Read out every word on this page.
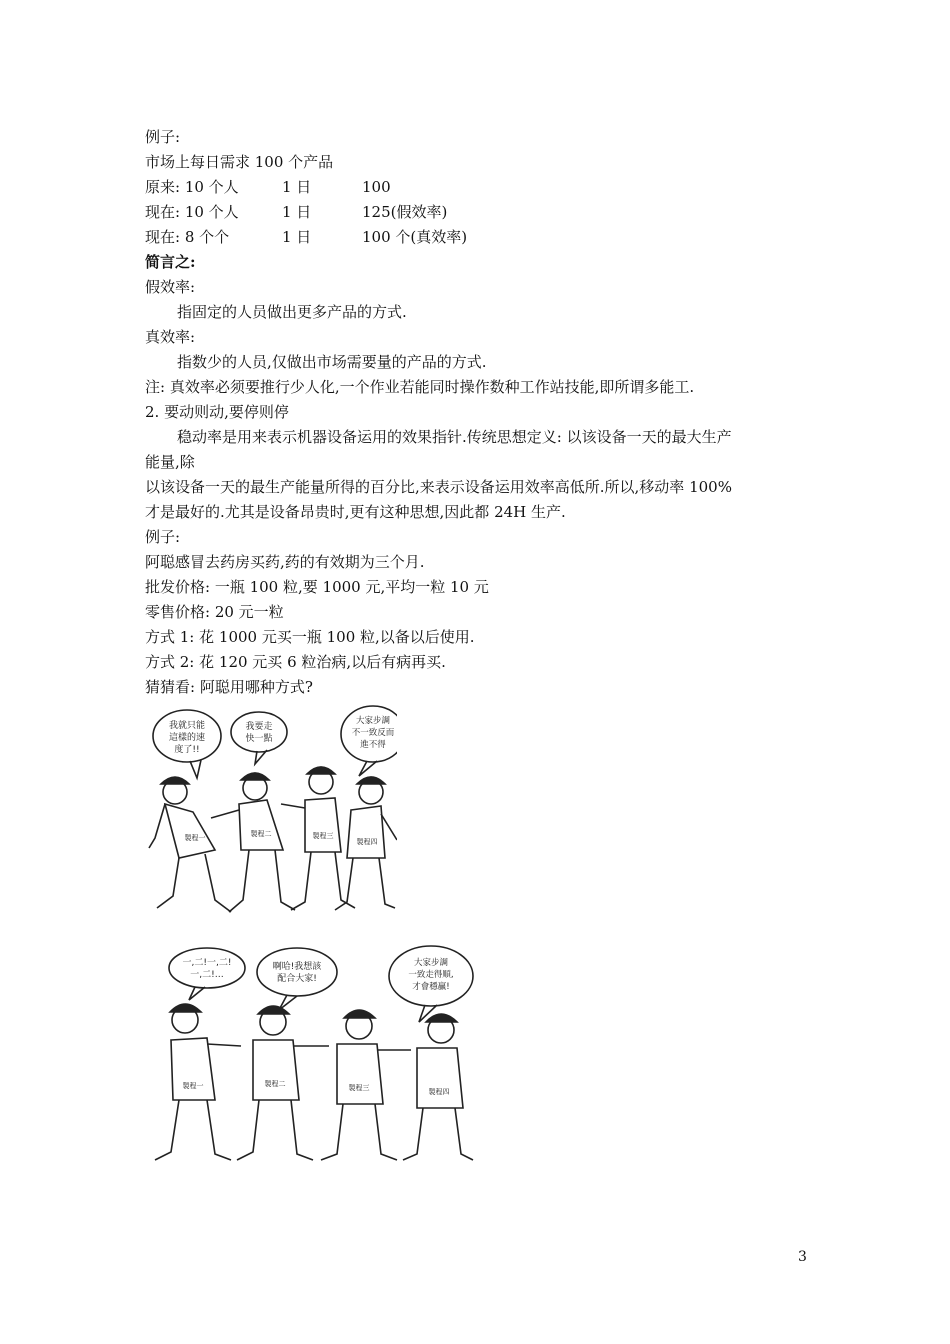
例子:
市场上每日需求 100 个产品
原来: 10 个人	1 日	100
现在: 10 个人	1 日	125(假效率)
现在: 8 个个	1 日	100 个(真效率)
简言之:
假效率:
指固定的人员做出更多产品的方式.
真效率:
指数少的人员,仅做出市场需要量的产品的方式.
注: 真效率必须要推行少人化,一个作业若能同时操作数种工作站技能,即所谓多能工.
2. 要动则动,要停则停
稳动率是用来表示机器设备运用的效果指针.传统思想定义: 以该设备一天的最大生产
能量,除
以该设备一天的最生产能量所得的百分比,来表示设备运用效率高低所.所以,移动率 100%
才是最好的.尤其是设备昂贵时,更有这种思想,因此都 24H 生产.
例子:
阿聪感冒去药房买药,药的有效期为三个月.
批发价格: 一瓶 100 粒,要 1000 元,平均一粒 10 元
零售价格: 20 元一粒
方式 1: 花 1000 元买一瓶 100 粒,以备以后使用.
方式 2: 花 120 元买 6 粒治病,以后有病再买.
猜猜看: 阿聪用哪种方式?
我就只能
這樣的速
度了!!
我要走
快一點
大家步調
不一致反而
進不得
製程一	製程二	製程三
製程四
一,二!一,二!
一,二!…
啊哈!我想該
配合大家!
大家步調
一致走得順,
才會穩贏!
製程一	製程二	製程三	製程四
3
